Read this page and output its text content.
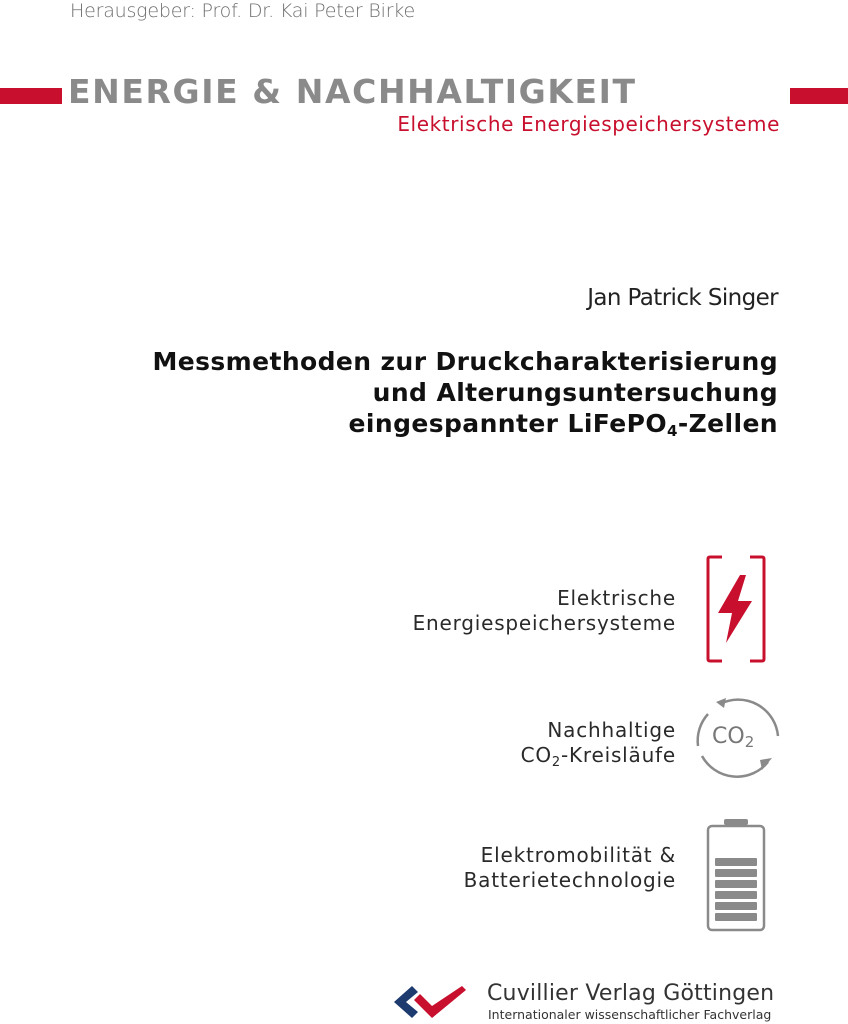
Herausgeber: Prof. Dr. Kai Peter Birke
ENERGIE & NACHHALTIGKEIT
Elektrische Energiespeichersysteme
Jan Patrick Singer
Messmethoden zur Druckcharakterisierung
und Alterungsuntersuchung
eingespannter LiFePO$_4$-Zellen
Elektrische
Energiespeichersysteme
Nachhaltige
$CO_2$-Kreisläufe
$CO_2$
Elektromobilität &
Batterietechnologie
Cuvillier Verlag Göttingen
Internationaler wissenschaftlicher Fachverlag
